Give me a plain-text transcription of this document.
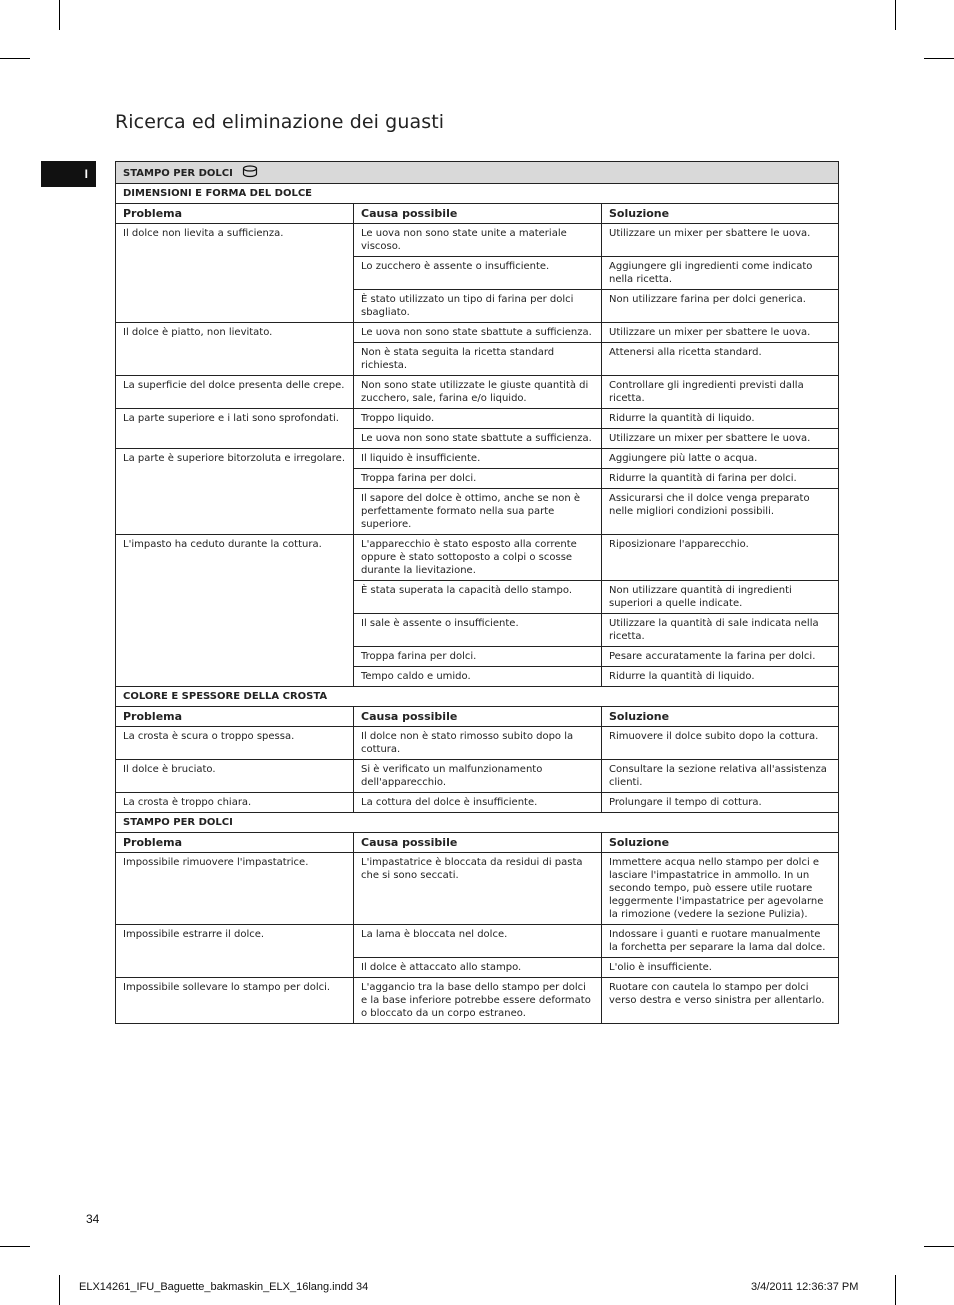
Ricerca ed eliminazione dei guasti
I	STAMPO PER DOLCI		
DIMENSIONI E FORMA DEL DOLCE		
Problema	Causa possibile	Soluzione
Il dolce non lievita a sufficienza.	Le uova non sono state unite a materiale viscoso.	Utilizzare un mixer per sbattere le uova.
	Lo zucchero è assente o insufficiente.	Aggiungere gli ingredienti come indicato nella ricetta.
	È stato utilizzato un tipo di farina per dolci sbagliato.	Non utilizzare farina per dolci generica.
Il dolce è piatto, non lievitato.	Le uova non sono state sbattute a sufficienza.	Utilizzare un mixer per sbattere le uova.
	Non è stata seguita la ricetta standard richiesta.	Attenersi alla ricetta standard.
La superficie del dolce presenta delle crepe.	Non sono state utilizzate le giuste quantità di zucchero, sale, farina e/o liquido.	Controllare gli ingredienti previsti dalla ricetta.
La parte superiore e i lati sono sprofondati.	Troppo liquido.	Ridurre la quantità di liquido.
	Le uova non sono state sbattute a sufficienza.	Utilizzare un mixer per sbattere le uova.
La parte è superiore bitorzoluta e irregolare.	Il liquido è insufficiente.	Aggiungere più latte o acqua.
	Troppa farina per dolci.	Ridurre la quantità di farina per dolci.
	Il sapore del dolce è ottimo, anche se non è perfettamente formato nella sua parte superiore.	Assicurarsi che il dolce venga preparato nelle migliori condizioni possibili.
L'impasto ha ceduto durante la cottura.	L'apparecchio è stato esposto alla corrente oppure è stato sottoposto a colpi o scosse durante la lievitazione.	Riposizionare l'apparecchio.
	È stata superata la capacità dello stampo.	Non utilizzare quantità di ingredienti superiori a quelle indicate.
	Il sale è assente o insufficiente.	Utilizzare la quantità di sale indicata nella ricetta.
	Troppa farina per dolci.	Pesare accuratamente la farina per dolci.
	Tempo caldo e umido.	Ridurre la quantità di liquido.
COLORE E SPESSORE DELLA CROSTA		
Problema	Causa possibile	Soluzione
La crosta è scura o troppo spessa.	Il dolce non è stato rimosso subito dopo la cottura.	Rimuovere il dolce subito dopo la cottura.
Il dolce è bruciato.	Si è verificato un malfunzionamento dell'apparecchio.	Consultare la sezione relativa all'assistenza clienti.
La crosta è troppo chiara.	La cottura del dolce è insufficiente.	Prolungare il tempo di cottura.
STAMPO PER DOLCI		
Problema	Causa possibile	Soluzione
Impossibile rimuovere l'impastatrice.	L'impastatrice è bloccata da residui di pasta che si sono seccati.	Immettere acqua nello stampo per dolci e lasciare l'impastatrice in ammollo. In un secondo tempo, può essere utile ruotare leggermente l'impastatrice per agevolarne la rimozione (vedere la sezione Pulizia).
Impossibile estrarre il dolce.	La lama è bloccata nel dolce.	Indossare i guanti e ruotare manualmente la forchetta per separare la lama dal dolce.
	Il dolce è attaccato allo stampo.	L'olio è insufficiente.
Impossibile sollevare lo stampo per dolci.	L'aggancio tra la base dello stampo per dolci e la base inferiore potrebbe essere deformato o bloccato da un corpo estraneo.	Ruotare con cautela lo stampo per dolci verso destra e verso sinistra per allentarlo.
34
ELX14261_IFU_Baguette_bakmaskin_ELX_16lang.indd 34	3/4/2011 12:36:37 PM
